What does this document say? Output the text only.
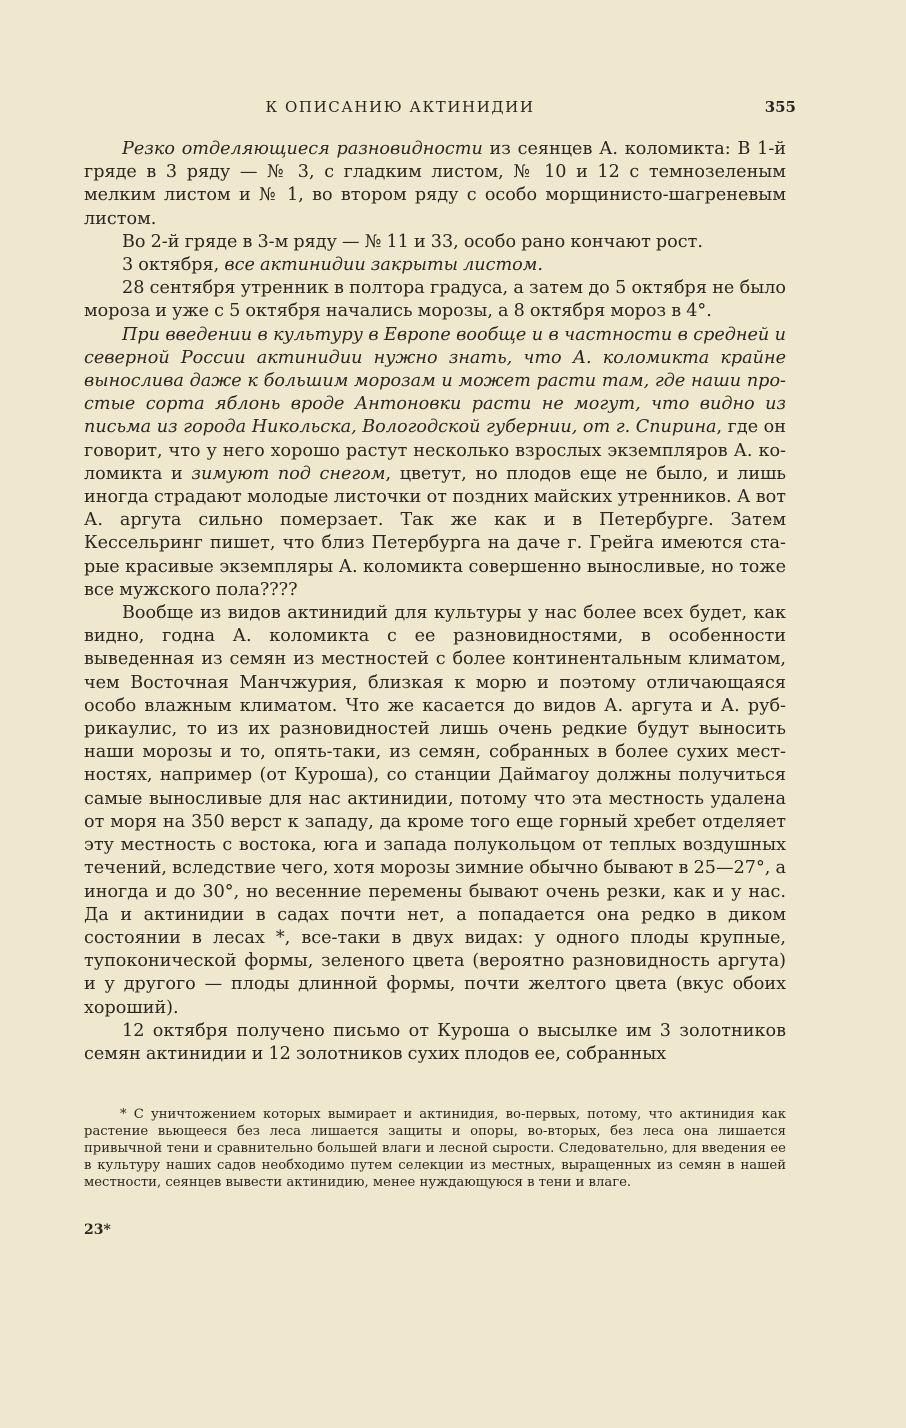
К ОПИСАНИЮ АКТИНИДИИ	355

Резко отделяющиеся разновидности из сеянцев А. коломикта: В 1-й гряде в 3 ряду — № 3, с гладким листом, № 10 и 12 с темнозеленым мелким листом и № 1, во втором ряду с особо морщинисто-шагреневым листом.

Во 2-й гряде в 3-м ряду — № 11 и 33, особо рано кончают рост.

3 октября, все актинидии закрыты листом.

28 сентября утренник в полтора градуса, а затем до 5 октября не было мороза и уже с 5 октября начались морозы, а 8 октября мороз в 4°.

При введении в культуру в Европе вообще и в частности в средней и северной России актинидии нужно знать, что А. коломикта крайне вынослива даже к большим морозам и может расти там, где наши простые сорта яблонь вроде Антоновки расти не могут, что видно из письма из города Никольска, Вологодской губернии, от г. Спирина, где он говорит, что у него хорошо растут несколько взрослых экземпляров А. коломикта и зимуют под снегом, цветут, но плодов еще не было, и лишь иногда страдают молодые листочки от поздних майских утренников. А вот А. аргута сильно померзает. Так же как и в Петербурге. Затем Кессельринг пишет, что близ Петербурга на даче г. Грейга имеются старые красивые экземпляры А. коломикта совершенно выносливые, но тоже все мужского пола????

Вообще из видов актинидий для культуры у нас более всех будет, как видно, годна А. коломикта с ее разновидностями, в особенности выведенная из семян из местностей с более континентальным климатом, чем Восточная Манчжурия, близкая к морю и поэтому отличающаяся особо влажным климатом. Что же касается до видов А. аргута и А. рубрикаулис, то из их разновидностей лишь очень редкие будут выносить наши морозы и то, опять-таки, из семян, собранных в более сухих местностях, например (от Куроша), со станции Даймагоу должны получиться самые выносливые для нас актинидии, потому что эта местность удалена от моря на 350 верст к западу, да кроме того еще горный хребет отделяет эту местность с востока, юга и запада полукольцом от теплых воздушных течений, вследствие чего, хотя морозы зимние обычно бывают в 25—27°, а иногда и до 30°, но весенние перемены бывают очень резки, как и у нас. Да и актинидии в садах почти нет, а попадается она редко в диком состоянии в лесах *, все-таки в двух видах: у одного плоды крупные, тупоконической формы, зеленого цвета (вероятно разновидность аргута) и у другого — плоды длинной формы, почти желтого цвета (вкус обоих хороший).

12 октября получено письмо от Куроша о высылке им 3 золотников семян актинидии и 12 золотников сухих плодов ее, собранных

* С уничтожением которых вымирает и актинидия, во-первых, потому, что актинидия как растение вьющееся без леса лишается защиты и опоры, во-вторых, без леса она лишается привычной тени и сравнительно большей влаги и лесной сырости. Следовательно, для введения ее в культуру наших садов необходимо путем селекции из местных, выращенных из семян в нашей местности, сеянцев вывести актинидию, менее нуждающуюся в тени и влаге.

23*
